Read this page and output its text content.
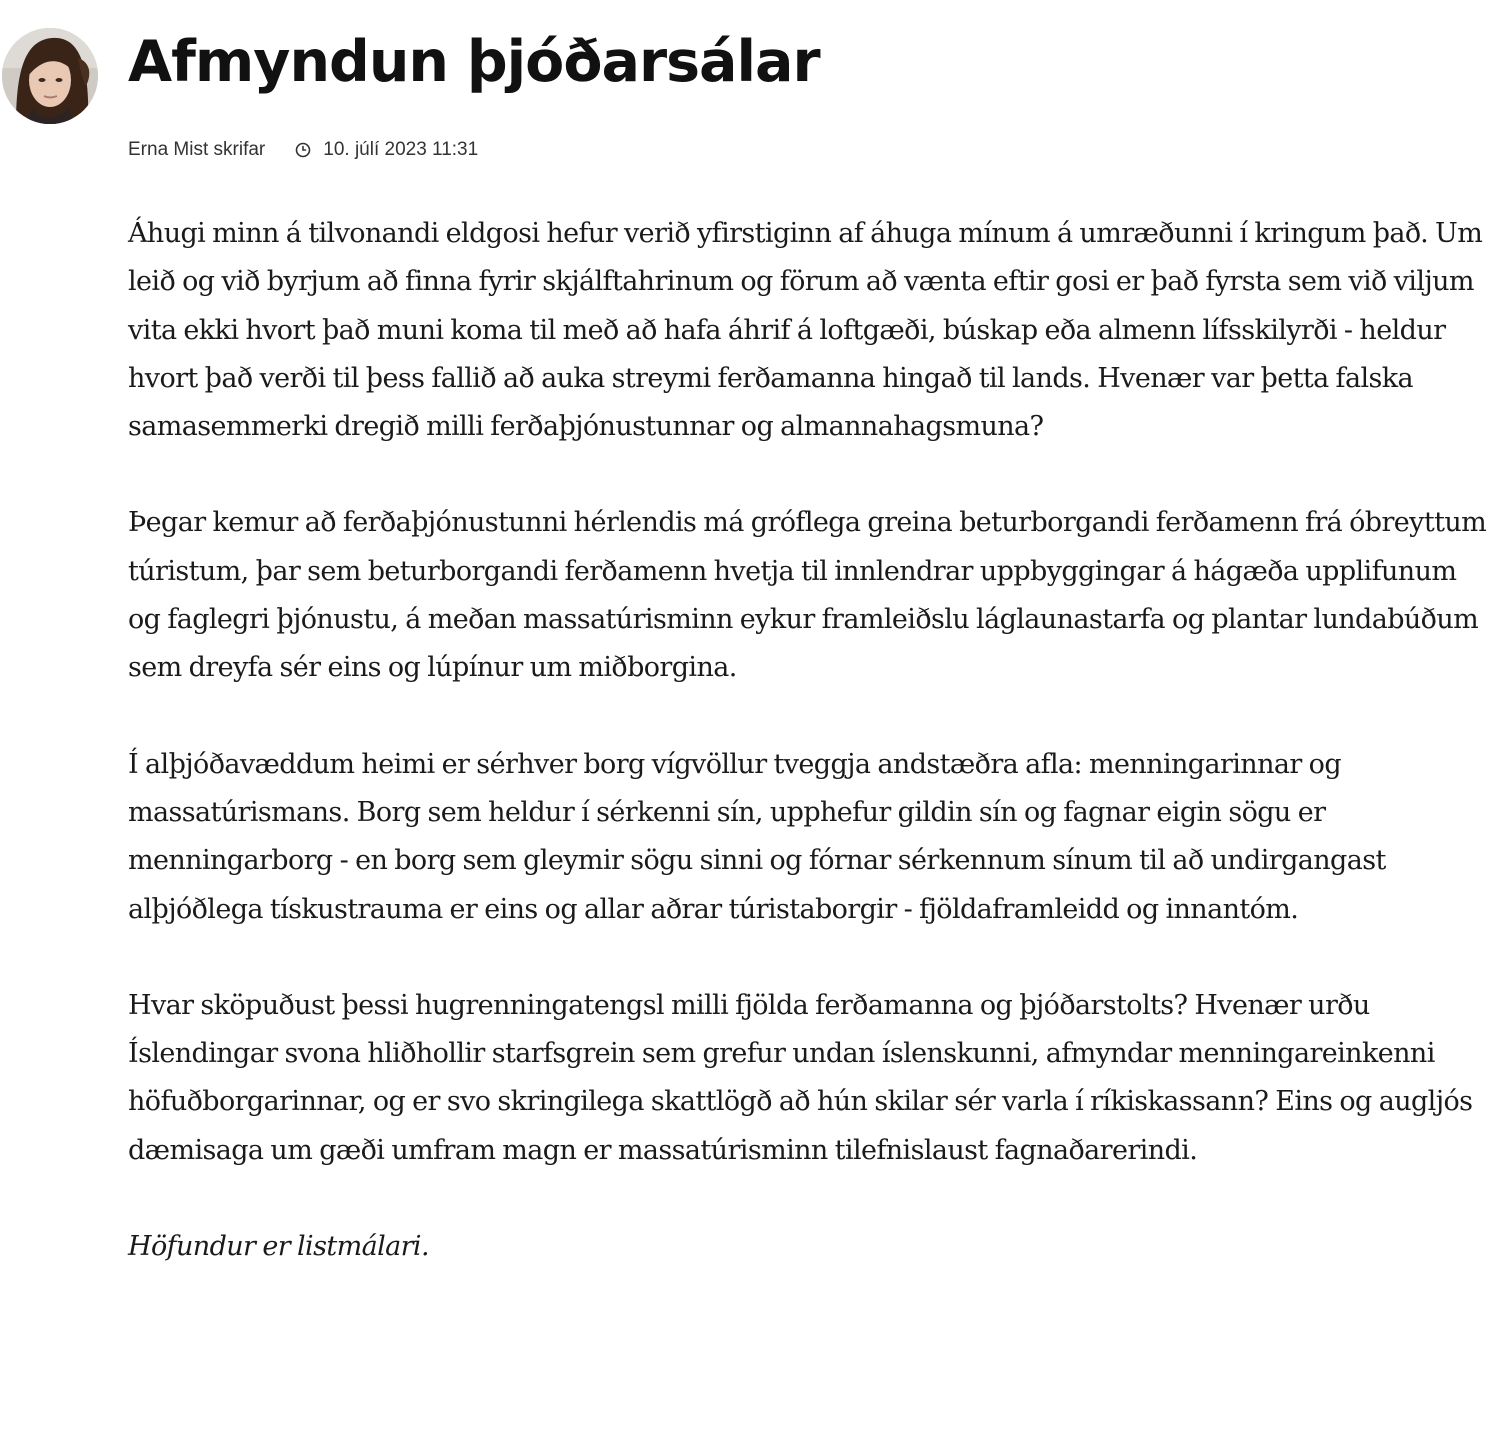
Afmyndun þjóðarsálar
Erna Mist skrifar	10. júlí 2023 11:31

Áhugi minn á tilvonandi eldgosi hefur verið yfirstiginn af áhuga mínum á umræðunni í kringum það. Um leið og við byrjum að finna fyrir skjálftahrinum og förum að vænta eftir gosi er það fyrsta sem við viljum vita ekki hvort það muni koma til með að hafa áhrif á loftgæði, búskap eða almenn lífsskilyrði - heldur hvort það verði til þess fallið að auka streymi ferðamanna hingað til lands. Hvenær var þetta falska samasemmerki dregið milli ferðaþjónustunnar og almannahagsmuna?

Þegar kemur að ferðaþjónustunni hérlendis má gróflega greina beturborgandi ferðamenn frá óbreyttum túristum, þar sem beturborgandi ferðamenn hvetja til innlendrar uppbyggingar á hágæða upplifunum og faglegri þjónustu, á meðan massatúrisminn eykur framleiðslu láglaunastarfa og plantar lundabúðum sem dreyfa sér eins og lúpínur um miðborgina.

Í alþjóðavæddum heimi er sérhver borg vígvöllur tveggja andstæðra afla: menningarinnar og massatúrismans. Borg sem heldur í sérkenni sín, upphefur gildin sín og fagnar eigin sögu er menningarborg - en borg sem gleymir sögu sinni og fórnar sérkennum sínum til að undirgangast alþjóðlega tískustrauma er eins og allar aðrar túristaborgir - fjöldaframleidd og innantóm.

Hvar sköpuðust þessi hugrenningatengsl milli fjölda ferðamanna og þjóðarstolts? Hvenær urðu Íslendingar svona hliðhollir starfsgrein sem grefur undan íslenskunni, afmyndar menningareinkenni höfuðborgarinnar, og er svo skringilega skattlögð að hún skilar sér varla í ríkiskassann? Eins og augljós dæmisaga um gæði umfram magn er massatúrisminn tilefnislaust fagnaðarerindi.

Höfundur er listmálari.
